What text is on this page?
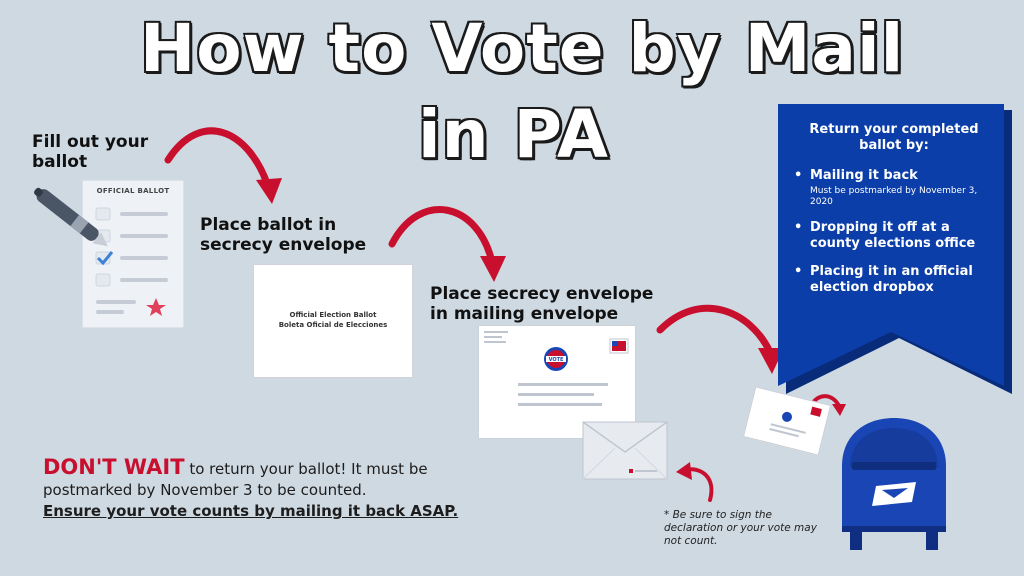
How to Vote by Mail
in PA
Fill out your ballot
Place ballot in secrecy envelope
Place secrecy envelope in mailing envelope
OFFICIAL BALLOT
Official Election Ballot
Boleta Oficial de Elecciones
VOTE
Return your completed ballot by:
• Mailing it back
Must be postmarked by November 3, 2020
• Dropping it off at a county elections office
• Placing it in an official election dropbox
DON'T WAIT to return your ballot! It must be postmarked by November 3 to be counted.
Ensure your vote counts by mailing it back ASAP.	* Be sure to sign the declaration or your vote may not count.
